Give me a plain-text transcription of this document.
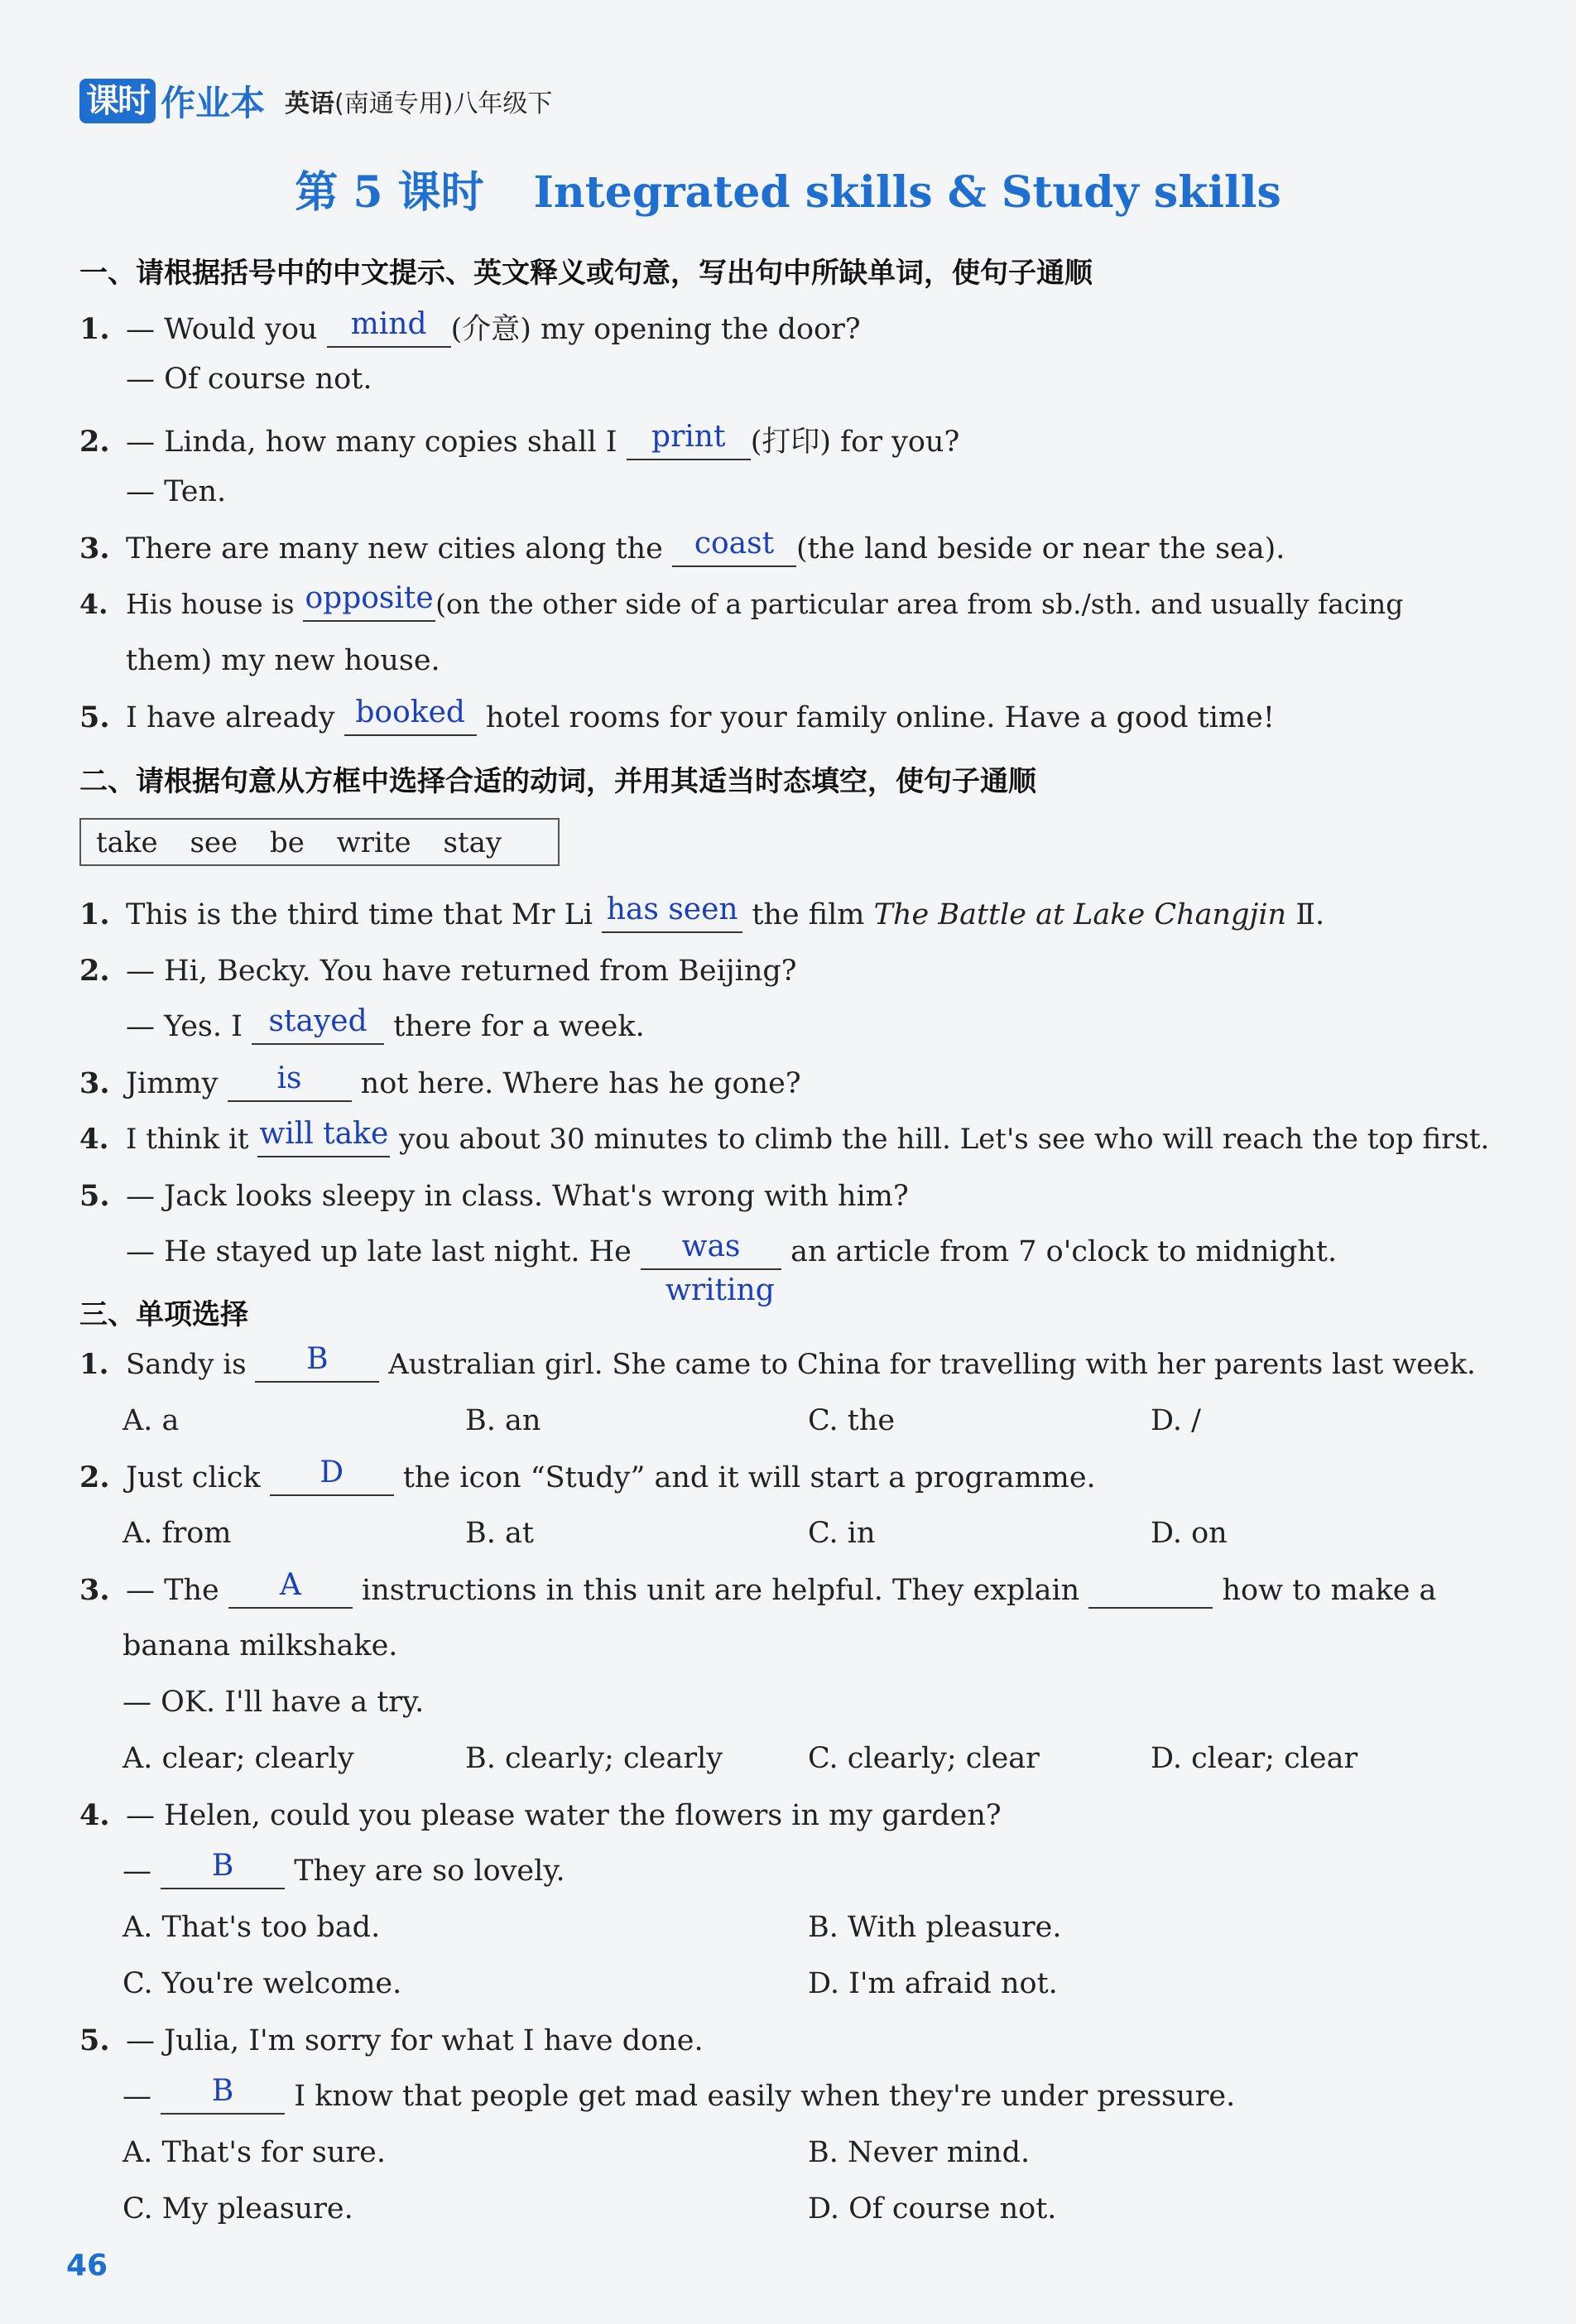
课时 作业本 英语(南通专用)八年级下
第 5 课时 Integrated skills & Study skills
一、请根据括号中的中文提示、英文释义或句意，写出句中所缺单词，使句子通顺
1. — Would you	mind (介意) my opening the door?
— Of course not.
2. — Linda, how many copies shall I	print (打印) for you?
— Ten.
3. There are many new cities along the	coast (the land beside or near the sea).
4. His house is opposite (on the other side of a particular area from sb./sth. and usually facing
them) my new house.
5. I have already booked hotel rooms for your family online. Have a good time!
二、请根据句意从方框中选择合适的动词，并用其适当时态填空，使句子通顺
take see be write stay
1. This is the third time that Mr Li has seen the film The Battle at Lake Changjin Ⅱ.
2. — Hi, Becky. You have returned from Beijing?
— Yes. I stayed there for a week.
3. Jimmy	is	not here. Where has he gone?
4. I think it will take you about 30 minutes to climb the hill. Let's see who will reach the top first.
5. — Jack looks sleepy in class. What's wrong with him?
— He stayed up late last night. He	was	an article from 7 o'clock to midnight.
writing
三、单项选择
1. Sandy is	B	Australian girl. She came to China for travelling with her parents last week.
A. a	B. an	C. the	D. /
2. Just click	D	the icon “Study” and it will start a programme.
A. from	B. at	C. in	D. on
3. — The	A	instructions in this unit are helpful. They explain	how to make a
banana milkshake.
— OK. I'll have a try.
A. clear; clearly	B. clearly; clearly	C. clearly; clear	D. clear; clear
4. — Helen, could you please water the flowers in my garden?
—	B	They are so lovely.
A. That's too bad.	B. With pleasure.
C. You're welcome.	D. I'm afraid not.
5. — Julia, I'm sorry for what I have done.
—	B	I know that people get mad easily when they're under pressure.
A. That's for sure.	B. Never mind.
C. My pleasure.	D. Of course not.
46
